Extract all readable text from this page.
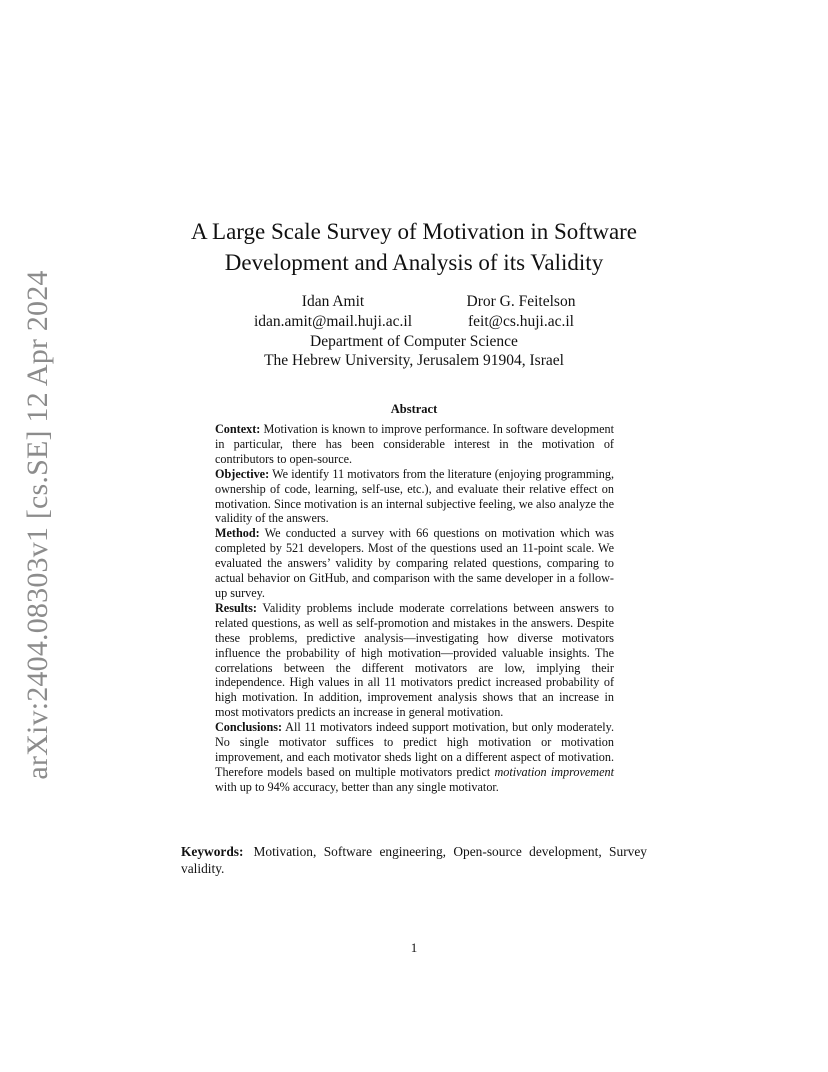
arXiv:2404.08303v1 [cs.SE] 12 Apr 2024
A Large Scale Survey of Motivation in Software
Development and Analysis of its Validity
Idan Amit
idan.amit@mail.huji.ac.il
Dror G. Feitelson
feit@cs.huji.ac.il
Department of Computer Science
The Hebrew University, Jerusalem 91904, Israel
Abstract

Context: Motivation is known to improve performance. In software development in particular, there has been considerable interest in the motivation of contributors to open-source.

Objective: We identify 11 motivators from the literature (enjoying programming, ownership of code, learning, self-use, etc.), and evaluate their relative effect on motivation. Since motivation is an internal subjective feeling, we also analyze the validity of the answers.

Method: We conducted a survey with 66 questions on motivation which was completed by 521 developers. Most of the questions used an 11-point scale. We evaluated the answers’ validity by comparing related questions, comparing to actual behavior on GitHub, and comparison with the same developer in a follow-up survey.

Results: Validity problems include moderate correlations between answers to related questions, as well as self-promotion and mistakes in the answers. Despite these problems, predictive analysis—investigating how diverse motivators influence the probability of high motivation—provided valuable insights. The correlations between the different motivators are low, implying their independence. High values in all 11 motivators predict increased probability of high motivation. In addition, improvement analysis shows that an increase in most motivators predicts an increase in general motivation.

Conclusions: All 11 motivators indeed support motivation, but only moderately. No single motivator suffices to predict high motivation or motivation improvement, and each motivator sheds light on a different aspect of motivation. Therefore models based on multiple motivators predict motivation improvement with up to 94% accuracy, better than any single motivator.

Keywords: Motivation, Software engineering, Open-source development, Survey validity.
1
